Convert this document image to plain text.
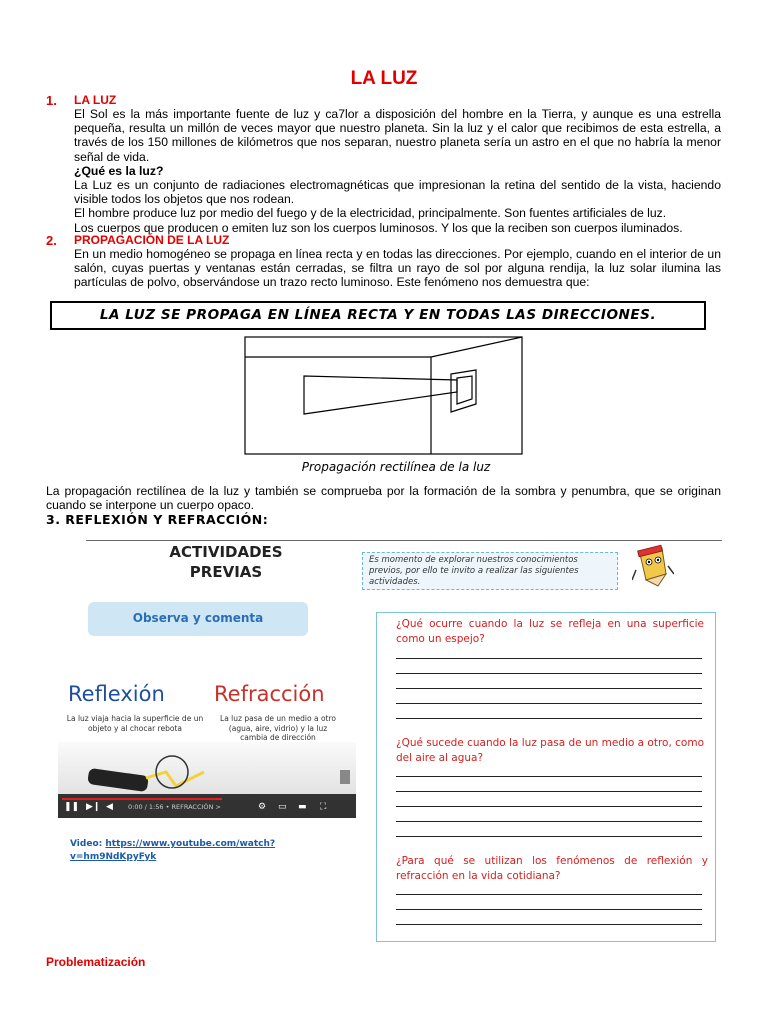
LA LUZ
1. LA LUZ

El Sol es la más importante fuente de luz y ca7lor a disposición del hombre en la Tierra, y aunque es una estrella pequeña, resulta un millón de veces mayor que nuestro planeta. Sin la luz y el calor que recibimos de esta estrella, a través de los 150 millones de kilómetros que nos separan, nuestro planeta sería un astro en el que no habría la menor señal de vida.

¿Qué es la luz?

La Luz es un conjunto de radiaciones electromagnéticas que impresionan la retina del sentido de la vista, haciendo visible todos los objetos que nos rodean.

El hombre produce luz por medio del fuego y de la electricidad, principalmente. Son fuentes artificiales de luz.

Los cuerpos que producen o emiten luz son los cuerpos luminosos. Y los que la reciben son cuerpos iluminados.

2. PROPAGACIÓN DE LA LUZ
En un medio homogéneo se propaga en línea recta y en todas las direcciones. Por ejemplo, cuando en el interior de un salón, cuyas puertas y ventanas están cerradas, se filtra un rayo de sol por alguna rendija, la luz solar ilumina las partículas de polvo, observándose un trazo recto luminoso. Este fenómeno nos demuestra que:
LA LUZ SE PROPAGA EN LÍNEA RECTA Y EN TODAS LAS DIRECCIONES.
Propagación rectilínea de la luz
La propagación rectilínea de la luz y también se comprueba por la formación de la sombra y penumbra, que se originan cuando se interpone un cuerpo opaco.
3. REFLEXIÓN Y REFRACCIÓN:
ACTIVIDADES
PREVIAS
Es momento de explorar nuestros conocimientos previos, por ello te invito a realizar las siguientes actividades.
Observa y comenta
Reflexión
La luz viaja hacia la superficie de un objeto y al chocar rebota
Refracción
La luz pasa de un medio a otro (agua, aire, vidrio) y la luz cambia de dirección
❚❚ ▶❙ ◀ 0:00 / 1:56 • REFRACCIÓN >	⚙ ▭ ▬ ⛶
Video: https://www.youtube.com/watch?v=hm9NdKpyFyk
¿Qué ocurre cuando la luz se refleja en una superficie como un espejo?
¿Qué sucede cuando la luz pasa de un medio a otro, como del aire al agua?
¿Para qué se utilizan los fenómenos de reflexión y refracción en la vida cotidiana?
Problematización
